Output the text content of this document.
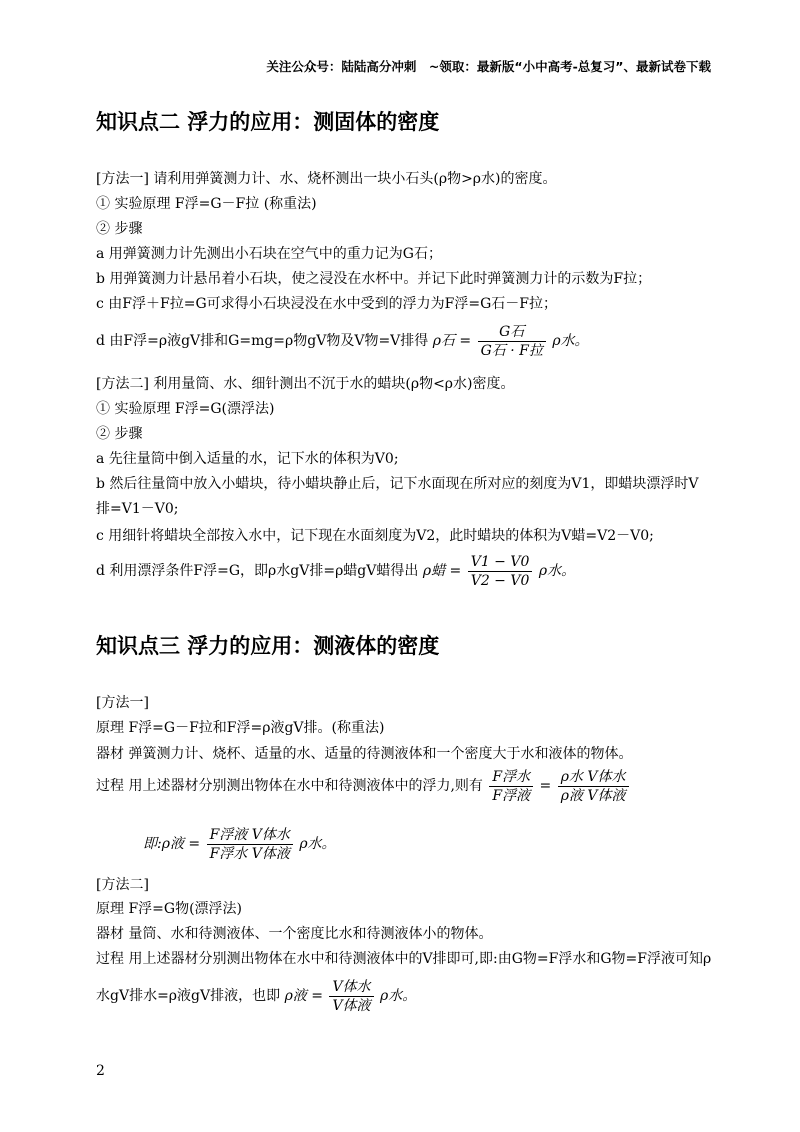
关注公众号：陆陆高分冲刺　~领取：最新版“小中高考-总复习”、最新试卷下载
知识点二 浮力的应用：测固体的密度
[方法一] 请利用弹簧测力计、水、烧杯测出一块小石头(ρ物>ρ水)的密度。
① 实验原理 F浮=G－F拉 (称重法)
② 步骤
a 用弹簧测力计先测出小石块在空气中的重力记为G石；
b 用弹簧测力计悬吊着小石块，使之浸没在水杯中。并记下此时弹簧测力计的示数为F拉；
c 由F浮＋F拉=G可求得小石块浸没在水中受到的浮力为F浮=G石－F拉；
d 由F浮=ρ液gV排和G=mg=ρ物gV物及V物=V排得 ρ石 =
G石
G石 · F拉
ρ水。
[方法二] 利用量筒、水、细针测出不沉于水的蜡块(ρ物<ρ水)密度。
① 实验原理 F浮=G(漂浮法)
② 步骤
a 先往量筒中倒入适量的水，记下水的体积为V0;
b 然后往量筒中放入小蜡块，待小蜡块静止后，记下水面现在所对应的刻度为V1，即蜡块漂浮时V
排=V1－V0;
c 用细针将蜡块全部按入水中，记下现在水面刻度为V2，此时蜡块的体积为V蜡=V2－V0;
d 利用漂浮条件F浮=G，即ρ水gV排=ρ蜡gV蜡得出 ρ蜡 = $\frac{V1 - V0}{V2 - V0}$ ρ水。
知识点三 浮力的应用：测液体的密度
[方法一]
原理 F浮=G－F拉和F浮=ρ液gV排。(称重法)
器材 弹簧测力计、烧杯、适量的水、适量的待测液体和一个密度大于水和液体的物体。
过程 用上述器材分别测出物体在水中和待测液体中的浮力,则有
F浮水
F浮液
=
ρ水 V体水
ρ液 V体液
即:ρ液 =
F浮液 V体水
F浮水 V体液
ρ水。
[方法二]
原理 F浮=G物(漂浮法)
器材 量筒、水和待测液体、一个密度比水和待测液体小的物体。
过程 用上述器材分别测出物体在水中和待测液体中的V排即可,即:由G物=F浮水和G物=F浮液可知ρ
水gV排水=ρ液gV排液，也即 ρ液 =
V体水
V体液
ρ水。
2
